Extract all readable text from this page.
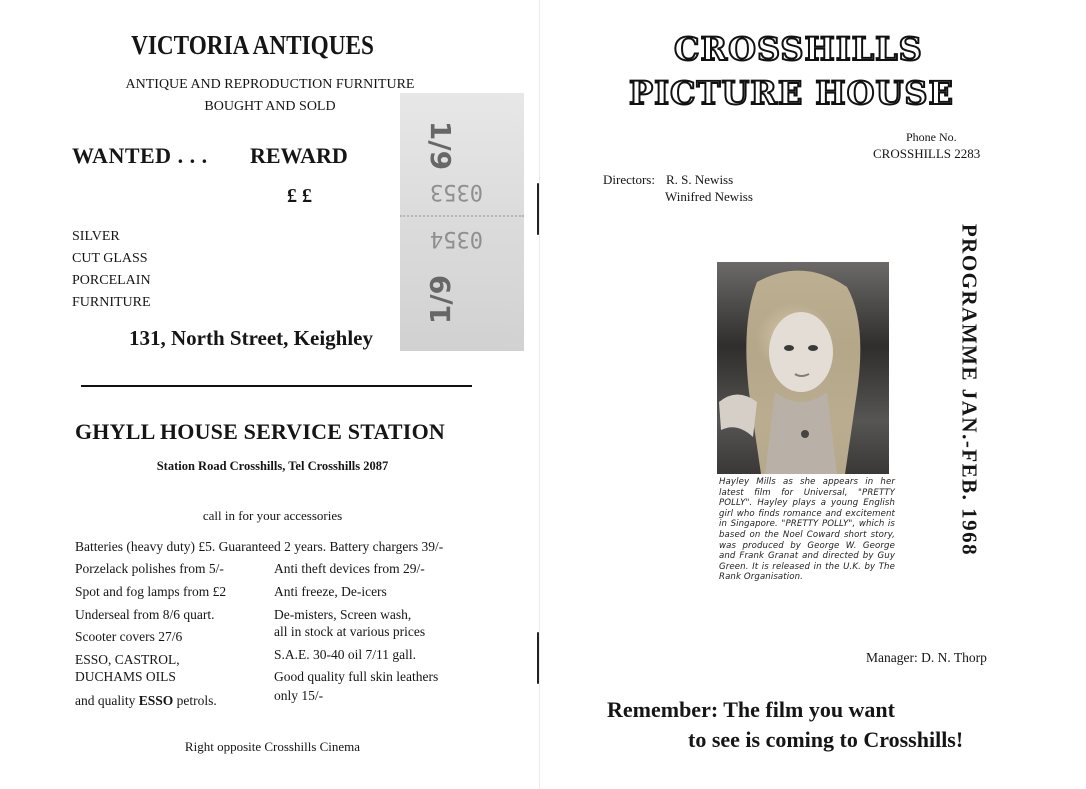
VICTORIA ANTIQUES
ANTIQUE AND REPRODUCTION FURNITURE
BOUGHT AND SOLD
WANTED . . . REWARD
£ £
SILVER
CUT GLASS
PORCELAIN
FURNITURE
1/9
0353
0354
1/9
131, North Street, Keighley
GHYLL HOUSE SERVICE STATION
Station Road Crosshills, Tel Crosshills 2087
call in for your accessories
Batteries (heavy duty) £5. Guaranteed 2 years. Battery chargers 39/-
Porzelack polishes from 5/-
Spot and fog lamps from £2
Underseal from 8/6 quart.
Scooter covers 27/6
ESSO, CASTROL,
DUCHAMS OILS
and quality ESSO petrols.
Anti theft devices from 29/-
Anti freeze, De-icers
De-misters, Screen wash,
all in stock at various prices
S.A.E. 30-40 oil 7/11 gall.
Good quality full skin leathers
only 15/-
Right opposite Crosshills Cinema
CROSSHILLS
PICTURE HOUSE
Phone No.
CROSSHILLS 2283
Directors: R. S. Newiss
Winifred Newiss
Hayley Mills as she appears in her latest film for Universal, "PRETTY POLLY". Hayley plays a young English girl who finds romance and excitement in Singapore. "PRETTY POLLY", which is based on the Noel Coward short story, was produced by George W. George and Frank Granat and directed by Guy Green. It is released in the U.K. by The Rank Organisation.
PROGRAMME JAN.-FEB. 1968
Manager: D. N. Thorp
Remember: The film you want
to see is coming to Crosshills!
